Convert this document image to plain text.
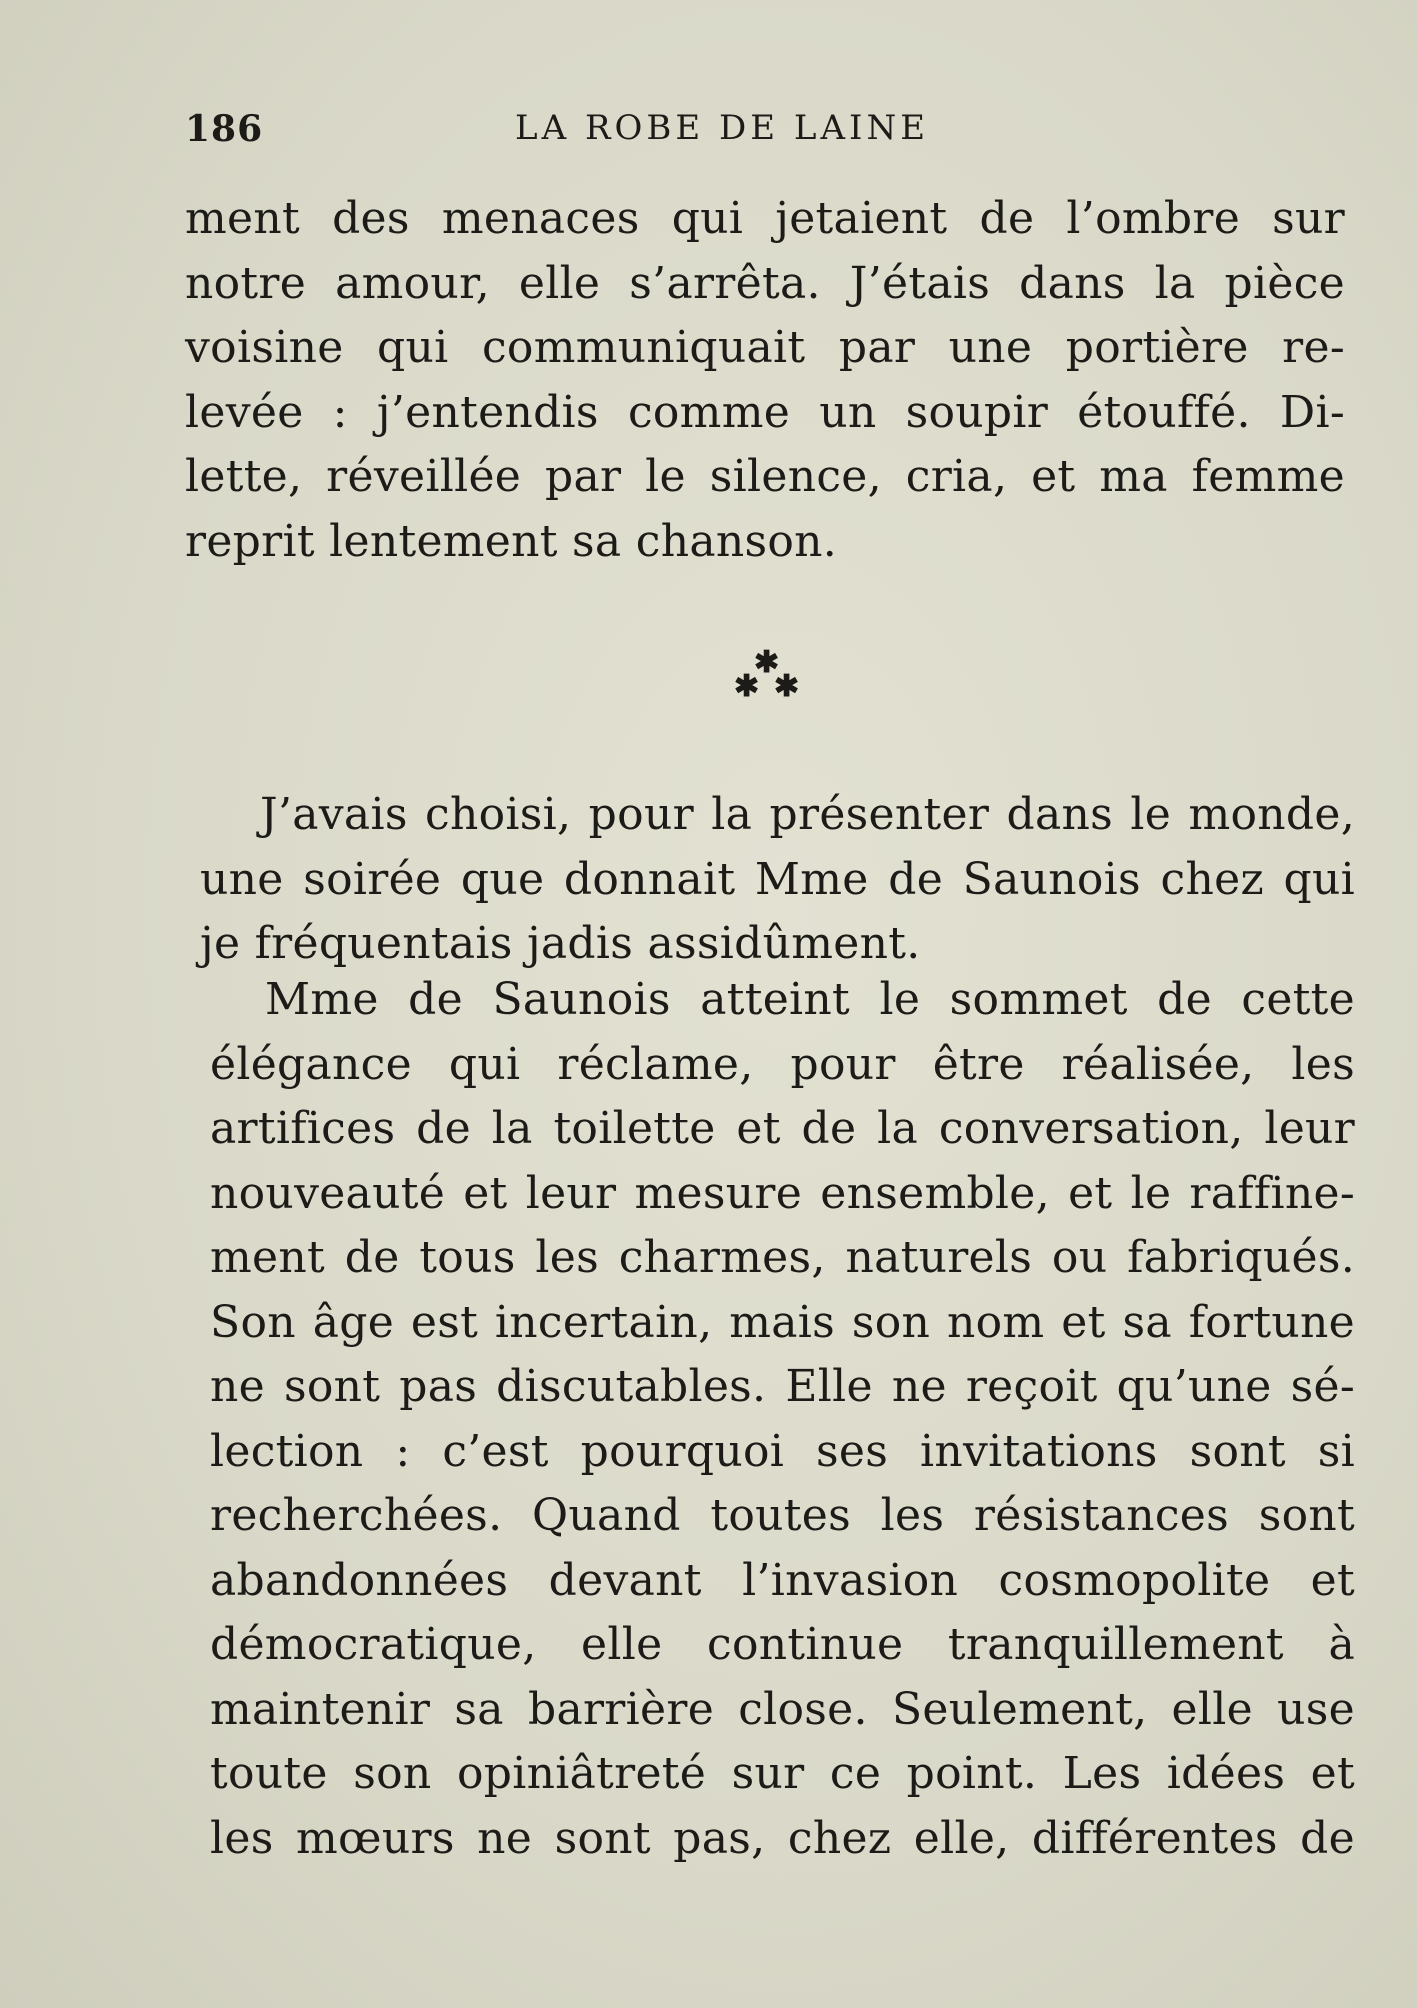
186	LA ROBE DE LAINE
ment des menaces qui jetaient de l’ombre sur
notre amour, elle s’arrêta. J’étais dans la pièce
voisine qui communiquait par une portière re-
levée : j’entendis comme un soupir étouffé. Di-
lette, réveillée par le silence, cria, et ma femme
reprit lentement sa chanson.
✱
✱ ✱
J’avais choisi, pour la présenter dans le monde,
une soirée que donnait Mme de Saunois chez qui
je fréquentais jadis assidûment.
Mme de Saunois atteint le sommet de cette
élégance qui réclame, pour être réalisée, les
artifices de la toilette et de la conversation, leur
nouveauté et leur mesure ensemble, et le raffine-
ment de tous les charmes, naturels ou fabriqués.
Son âge est incertain, mais son nom et sa fortune
ne sont pas discutables. Elle ne reçoit qu’une sé-
lection : c’est pourquoi ses invitations sont si
recherchées. Quand toutes les résistances sont
abandonnées devant l’invasion cosmopolite et
démocratique, elle continue tranquillement à
maintenir sa barrière close. Seulement, elle use
toute son opiniâtreté sur ce point. Les idées et
les mœurs ne sont pas, chez elle, différentes de
